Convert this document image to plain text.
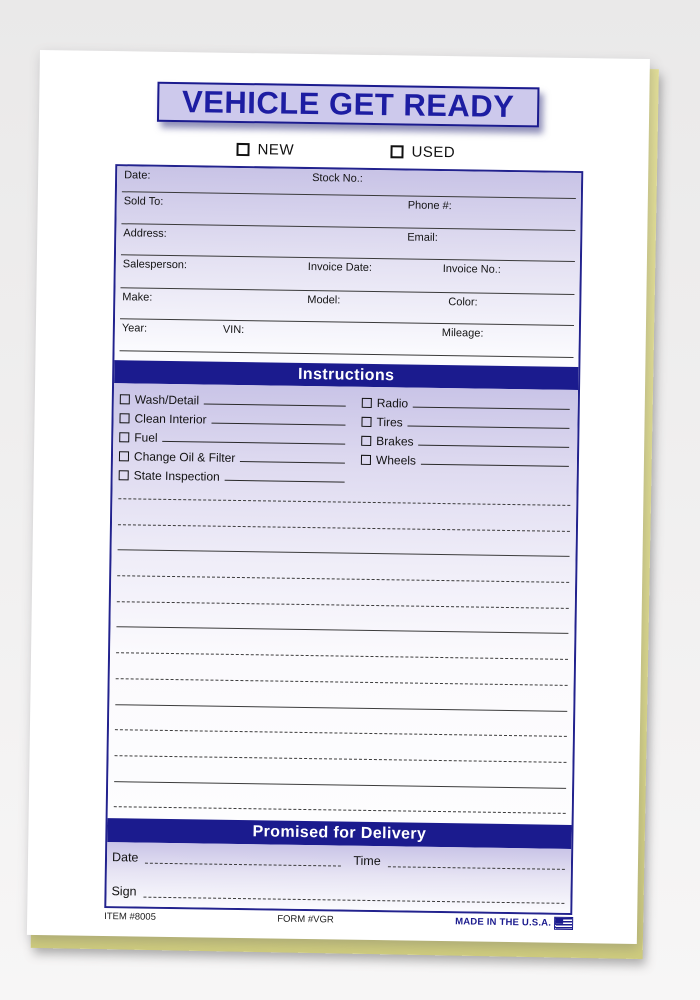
VEHICLE GET READY
NEW	USED
Date:	Stock No.:
Sold To:	Phone #:
Address:	Email:
Salesperson:	Invoice Date:	Invoice No.:
Make:	Model:	Color:
Year:	VIN:	Mileage:
Instructions
Wash/Detail
Clean Interior
Fuel
Change Oil & Filter
State Inspection
Radio
Tires
Brakes
Wheels
Promised for Delivery
Date	Time
Sign
ITEM #8005	FORM #VGR	MADE IN THE U.S.A.
